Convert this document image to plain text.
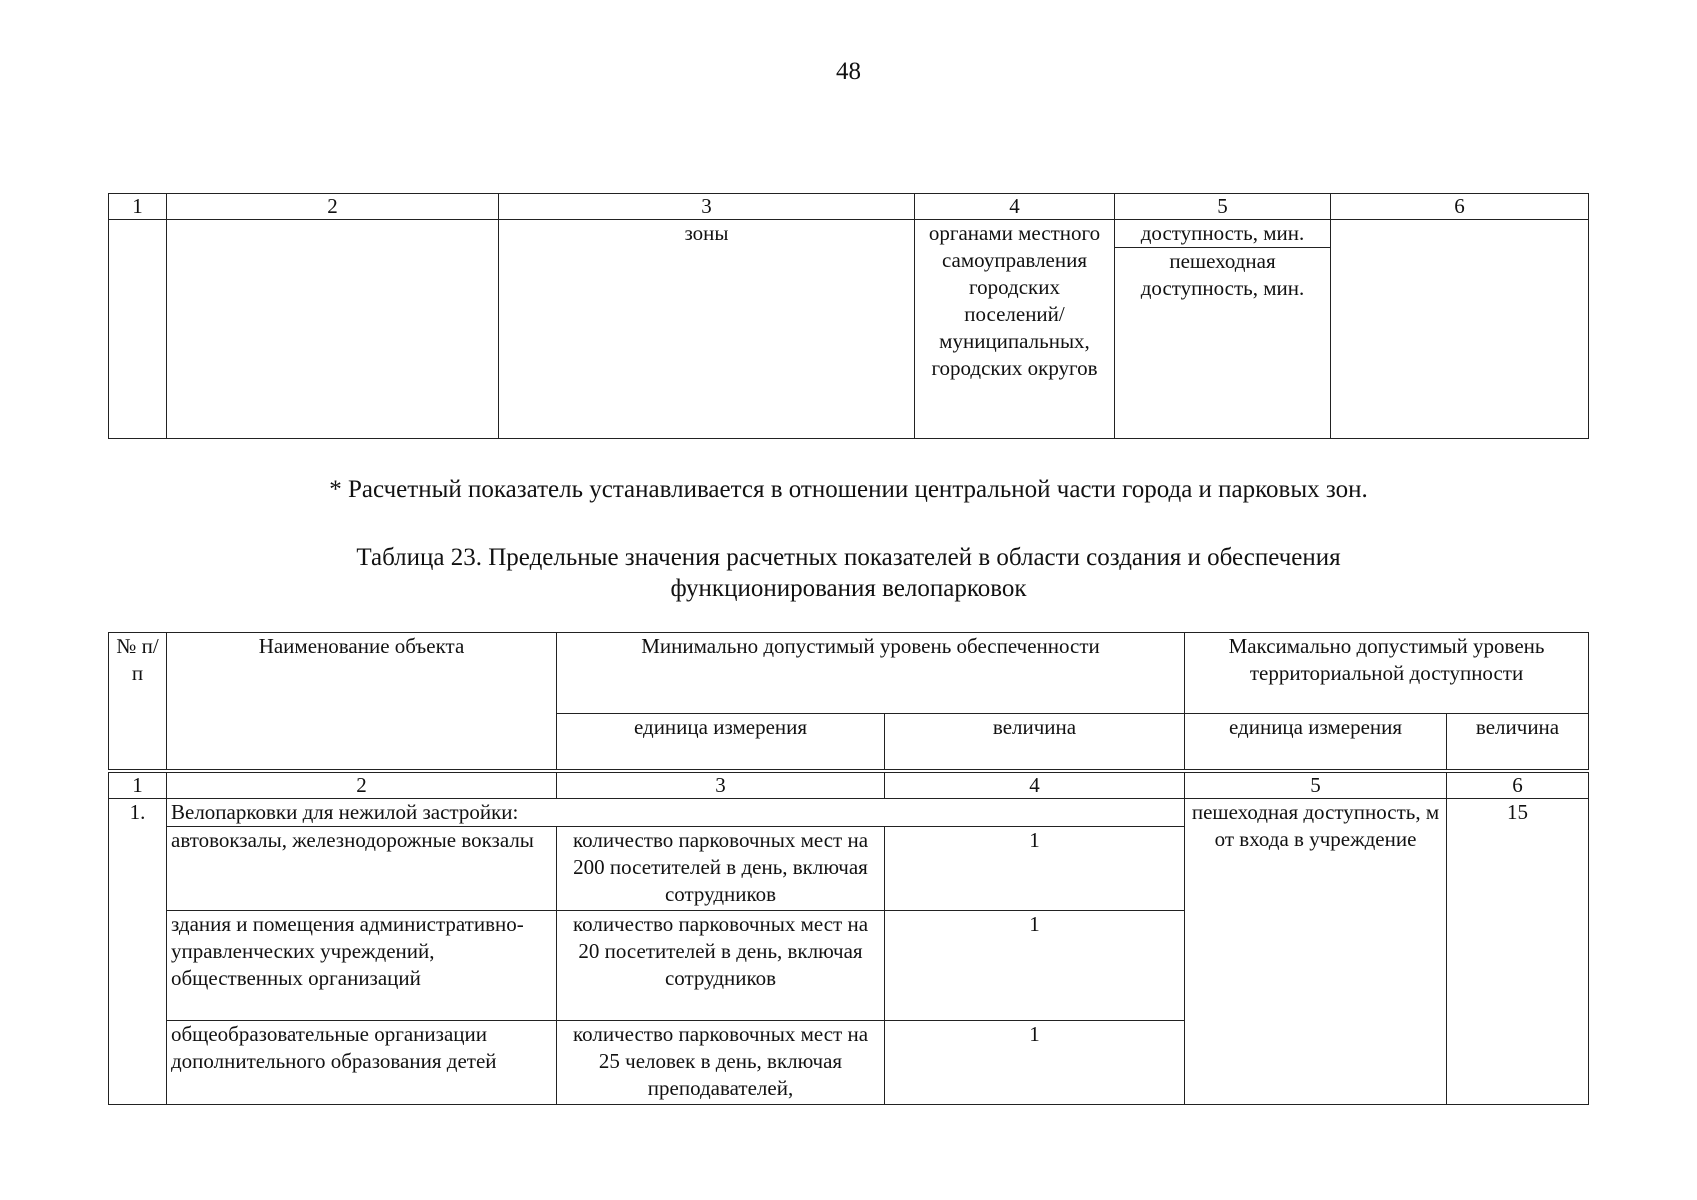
48
1	2	3	4	5	6
		зоны	органами местного самоуправления городских поселений/ муниципальных, городских округов	доступность, мин.
пешеходная доступность, мин.	

* Расчетный показатель устанавливается в отношении центральной части города и парковых зон.
Таблица 23. Предельные значения расчетных показателей в области создания и обеспечения
функционирования велопарковок
№ п/п	Наименование объекта	Минимально допустимый уровень обеспеченности		Максимально допустимый уровень территориальной доступности	
		единица измерения	величина	единица измерения	величина
1	2	3	4	5	6
1.	Велопарковки для нежилой застройки:			пешеходная доступность, м от входа в учреждение	15
	автовокзалы, железнодорожные вокзалы	количество парковочных мест на 200 посетителей в день, включая сотрудников	1		
	здания и помещения административно-управленческих учреждений, общественных организаций	количество парковочных мест на 20 посетителей в день, включая сотрудников	1		
	общеобразовательные организации дополнительного образования детей	количество парковочных мест на 25 человек в день, включая преподавателей,	1		
